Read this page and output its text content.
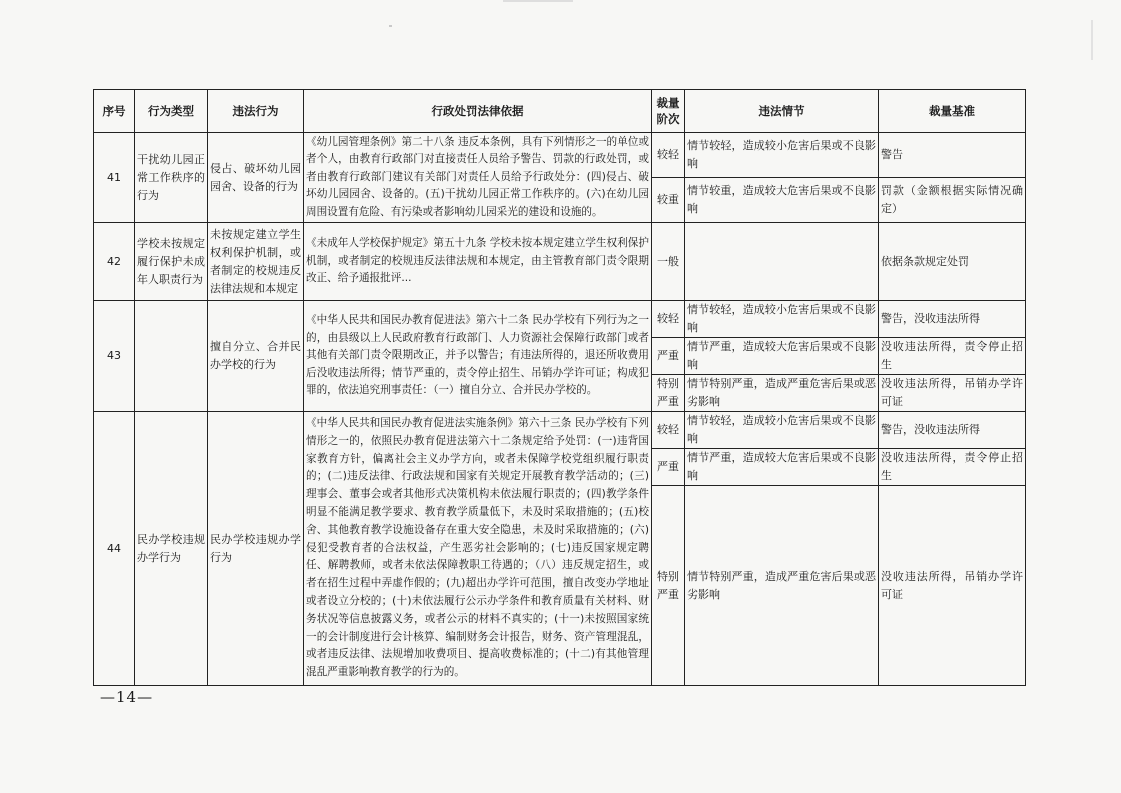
序号	行为类型	违法行为	行政处罚法律依据	裁量阶次	违法情节	裁量基准
41	干扰幼儿园正常工作秩序的行为	侵占、破坏幼儿园园舍、设备的行为	《幼儿园管理条例》第二十八条 违反本条例，具有下列情形之一的单位或者个人，由教育行政部门对直接责任人员给予警告、罚款的行政处罚，或者由教育行政部门建议有关部门对责任人员给予行政处分：(四)侵占、破坏幼儿园园舍、设备的。(五)干扰幼儿园正常工作秩序的。(六)在幼儿园周围设置有危险、有污染或者影响幼儿园采光的建设和设施的。	较轻	情节较轻，造成较小危害后果或不良影响	警告
				较重	情节较重，造成较大危害后果或不良影响	罚款（金额根据实际情况确定）
42	学校未按规定履行保护未成年人职责行为	未按规定建立学生权利保护机制，或者制定的校规违反法律法规和本规定	《未成年人学校保护规定》第五十九条 学校未按本规定建立学生权利保护机制，或者制定的校规违反法律法规和本规定，由主管教育部门责令限期改正、给予通报批评...	一般		依据条款规定处罚
43		擅自分立、合并民办学校的行为	《中华人民共和国民办教育促进法》第六十二条 民办学校有下列行为之一的，由县级以上人民政府教育行政部门、人力资源社会保障行政部门或者其他有关部门责令限期改正，并予以警告；有违法所得的，退还所收费用后没收违法所得；情节严重的，责令停止招生、吊销办学许可证；构成犯罪的，依法追究刑事责任：（一）擅自分立、合并民办学校的。	较轻	情节较轻，造成较小危害后果或不良影响	警告，没收违法所得
				严重	情节严重，造成较大危害后果或不良影响	没收违法所得，责令停止招生
				特别严重	情节特别严重，造成严重危害后果或恶劣影响	没收违法所得，吊销办学许可证
44	民办学校违规办学行为	民办学校违规办学行为	《中华人民共和国民办教育促进法实施条例》第六十三条 民办学校有下列情形之一的，依照民办教育促进法第六十二条规定给予处罚：(一)违背国家教育方针，偏离社会主义办学方向，或者未保障学校党组织履行职责的；(二)违反法律、行政法规和国家有关规定开展教育教学活动的；(三)理事会、董事会或者其他形式决策机构未依法履行职责的；(四)教学条件明显不能满足教学要求、教育教学质量低下，未及时采取措施的；(五)校舍、其他教育教学设施设备存在重大安全隐患，未及时采取措施的；(六)侵犯受教育者的合法权益，产生恶劣社会影响的；(七)违反国家规定聘任、解聘教师，或者未依法保障教职工待遇的；（八）违反规定招生，或者在招生过程中弄虚作假的；(九)超出办学许可范围，擅自改变办学地址或者设立分校的；(十)未依法履行公示办学条件和教育质量有关材料、财务状况等信息披露义务，或者公示的材料不真实的；(十一)未按照国家统一的会计制度进行会计核算、编制财务会计报告，财务、资产管理混乱，或者违反法律、法规增加收费项目、提高收费标准的；(十二)有其他管理混乱严重影响教育教学的行为的。	较轻	情节较轻，造成较小危害后果或不良影响	警告，没收违法所得
				严重	情节严重，造成较大危害后果或不良影响	没收违法所得，责令停止招生
				特别严重	情节特别严重，造成严重危害后果或恶劣影响	没收违法所得，吊销办学许可证
—14—
